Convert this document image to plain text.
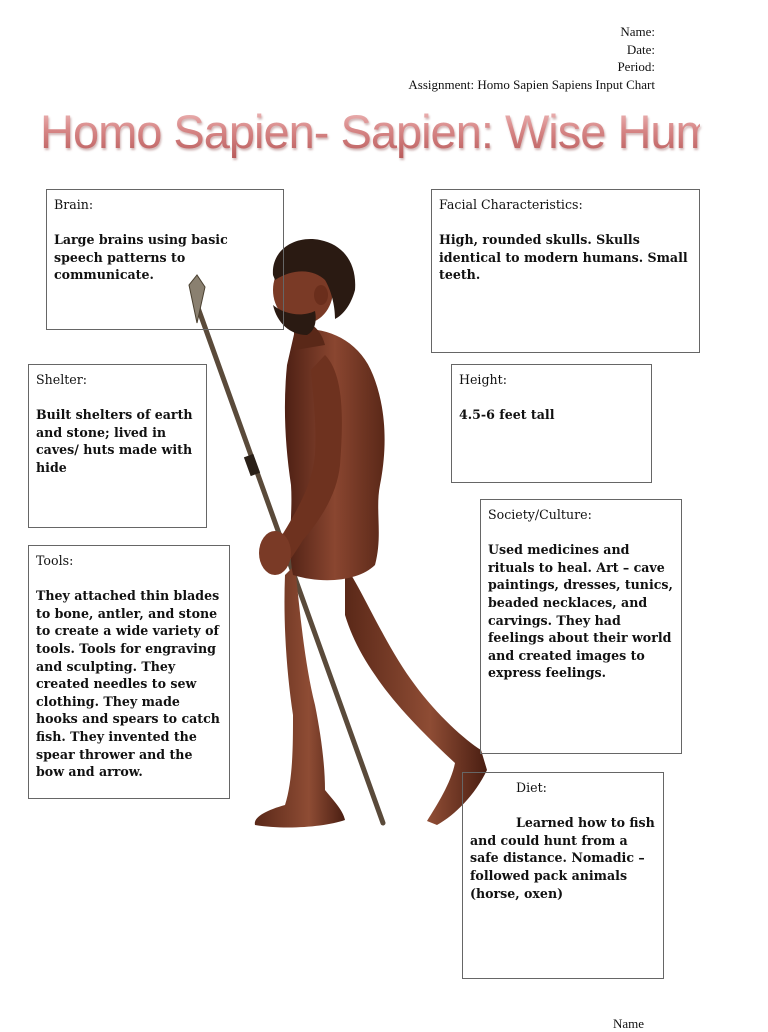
Name:
Date:
Period:
Assignment: Homo Sapien Sapiens Input Chart
Homo Sapien- Sapien: Wise Human
Brain:
Large brains using basic speech patterns to communicate.
Facial Characteristics:
High, rounded skulls. Skulls identical to modern humans. Small teeth.
Shelter:
Built shelters of earth and stone; lived in caves/ huts made with hide
Height:
4.5-6 feet tall
Tools:
They attached thin blades to bone, antler, and stone to create a wide variety of tools. Tools for engraving and sculpting. They created needles to sew clothing. They made hooks and spears to catch fish. They invented the spear thrower and the bow and arrow.
Society/Culture:
Used medicines and rituals to heal. Art – cave paintings, dresses, tunics, beaded necklaces, and carvings. They had feelings about their world and created images to express feelings.
Diet:
Learned how to fish and could hunt from a safe distance. Nomadic – followed pack animals (horse, oxen)
Name
